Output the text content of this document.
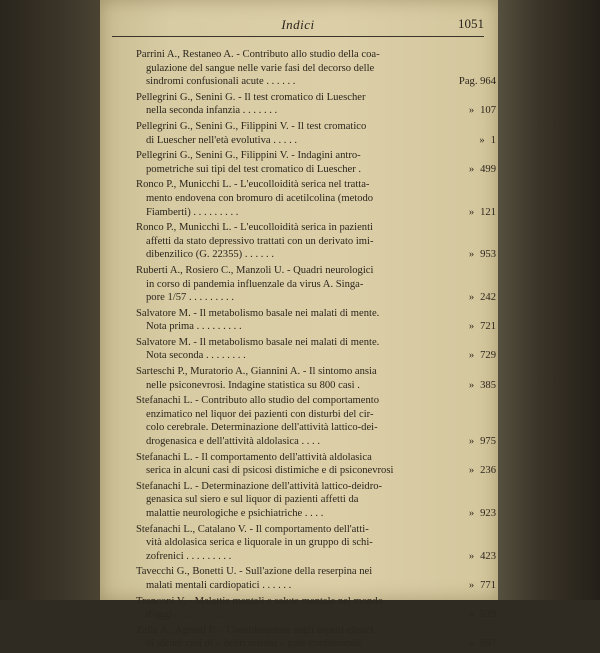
Indici	1051
Parrini A., Restaneo A. - Contributo allo studio della coa-
gulazione del sangue nelle varie fasi del decorso delle
sindromi confusionali acute . . . . . .	Pag. 964
Pellegrini G., Senini G. - Il test cromatico di Luescher
nella seconda infanzia . . . . . . .	» 107
Pellegrini G., Senini G., Filippini V. - Il test cromatico
di Luescher nell'età evolutiva . . . . .	» 1
Pellegrini G., Senini G., Filippini V. - Indagini antro-
pometriche sui tipi del test cromatico di Luescher .	» 499
Ronco P., Municchi L. - L'eucolloidità serica nel tratta-
mento endovena con bromuro di acetilcolina (metodo
Fiamberti) . . . . . . . . .	» 121
Ronco P., Municchi L. - L'eucolloidità serica in pazienti
affetti da stato depressivo trattati con un derivato imi-
dibenzilico (G. 22355) . . . . . .	» 953
Ruberti A., Rosiero C., Manzoli U. - Quadri neurologici
in corso di pandemia influenzale da virus A. Singa-
pore 1/57 . . . . . . . . .	» 242
Salvatore M. - Il metabolismo basale nei malati di mente.
Nota prima . . . . . . . . .	» 721
Salvatore M. - Il metabolismo basale nei malati di mente.
Nota seconda . . . . . . . .	» 729
Sarteschi P., Muratorio A., Giannini A. - Il sintomo ansia
nelle psiconevrosi. Indagine statistica su 800 casi .	» 385
Stefanachi L. - Contributo allo studio del comportamento
enzimatico nel liquor dei pazienti con disturbi del cir-
colo cerebrale. Determinazione dell'attività lattico-dei-
drogenasica e dell'attività aldolasica . . . .	» 975
Stefanachi L. - Il comportamento dell'attività aldolasica
serica in alcuni casi di psicosi distimiche e di psiconevrosi	» 236
Stefanachi L. - Determinazione dell'attività lattico-deidro-
genasica sul siero e sul liquor di pazienti affetti da
malattie neurologiche e psichiatriche . . . .	» 923
Stefanachi L., Catalano V. - Il comportamento dell'atti-
vità aldolasica serica e liquorale in un gruppo di schi-
zofrenici . . . . . . . . .	» 423
Tavecchi G., Bonetti U. - Sull'azione della reserpina nei
malati mentali cardiopatici . . . . . .	» 771
Tronconi V. - Malattie mentali e salute mentale nel mondo
d'oggi . . . . . . . . . .	» 539
Zalla A., Agresti E. - Considerazioni sugli aspetti clinici
di alcuni casi di « deliri residui » post-confusionali	» 697
